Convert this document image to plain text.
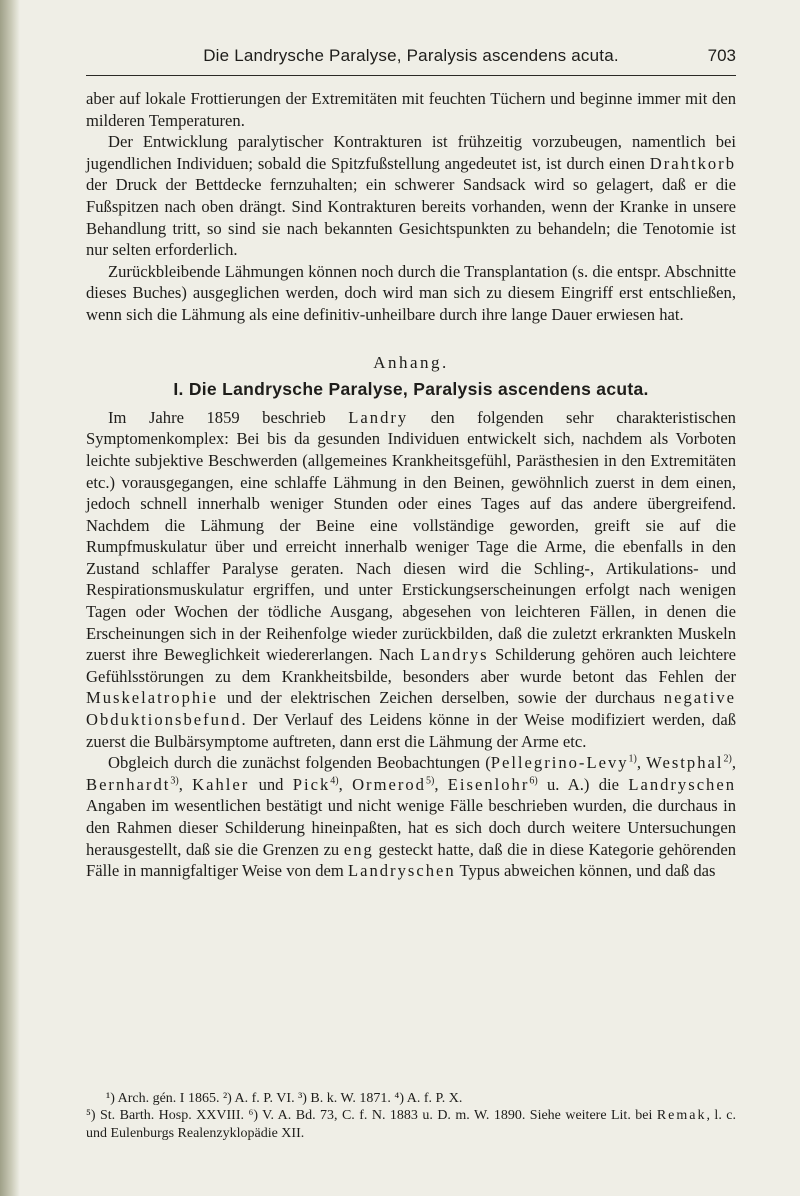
Die Landrysche Paralyse, Paralysis ascendens acuta.	703

aber auf lokale Frottierungen der Extremitäten mit feuchten Tüchern und beginne immer mit den milderen Temperaturen.

Der Entwicklung paralytischer Kontrakturen ist frühzeitig vorzubeugen, namentlich bei jugendlichen Individuen; sobald die Spitzfußstellung angedeutet ist, ist durch einen Drahtkorb der Druck der Bettdecke fernzuhalten; ein schwerer Sandsack wird so gelagert, daß er die Fußspitzen nach oben drängt. Sind Kontrakturen bereits vorhanden, wenn der Kranke in unsere Behandlung tritt, so sind sie nach bekannten Gesichtspunkten zu behandeln; die Tenotomie ist nur selten erforderlich.

Zurückbleibende Lähmungen können noch durch die Transplantation (s. die entspr. Abschnitte dieses Buches) ausgeglichen werden, doch wird man sich zu diesem Eingriff erst entschließen, wenn sich die Lähmung als eine definitiv-unheilbare durch ihre lange Dauer erwiesen hat.

Anhang.
I. Die Landrysche Paralyse, Paralysis ascendens acuta.

Im Jahre 1859 beschrieb Landry den folgenden sehr charakteristischen Symptomenkomplex: Bei bis da gesunden Individuen entwickelt sich, nachdem als Vorboten leichte subjektive Beschwerden (allgemeines Krankheitsgefühl, Parästhesien in den Extremitäten etc.) vorausgegangen, eine schlaffe Lähmung in den Beinen, gewöhnlich zuerst in dem einen, jedoch schnell innerhalb weniger Stunden oder eines Tages auf das andere übergreifend. Nachdem die Lähmung der Beine eine vollständige geworden, greift sie auf die Rumpfmuskulatur über und erreicht innerhalb weniger Tage die Arme, die ebenfalls in den Zustand schlaffer Paralyse geraten. Nach diesen wird die Schling-, Artikulations- und Respirationsmuskulatur ergriffen, und unter Erstickungserscheinungen erfolgt nach wenigen Tagen oder Wochen der tödliche Ausgang, abgesehen von leichteren Fällen, in denen die Erscheinungen sich in der Reihenfolge wieder zurückbilden, daß die zuletzt erkrankten Muskeln zuerst ihre Beweglichkeit wiedererlangen. Nach Landrys Schilderung gehören auch leichtere Gefühlsstörungen zu dem Krankheitsbilde, besonders aber wurde betont das Fehlen der Muskelatrophie und der elektrischen Zeichen derselben, sowie der durchaus negative Obduktionsbefund. Der Verlauf des Leidens könne in der Weise modifiziert werden, daß zuerst die Bulbärsymptome auftreten, dann erst die Lähmung der Arme etc.

Obgleich durch die zunächst folgenden Beobachtungen (Pellegrino-Levy$^{1)}$, Westphal$^{2)}$, Bernhardt$^{3)}$, Kahler und Pick$^{4)}$, Ormerod$^{5)}$, Eisenlohr$^{6)}$ u. A.) die Landryschen Angaben im wesentlichen bestätigt und nicht wenige Fälle beschrieben wurden, die durchaus in den Rahmen dieser Schilderung hineinpaßten, hat es sich doch durch weitere Untersuchungen herausgestellt, daß sie die Grenzen zu eng gesteckt hatte, daß die in diese Kategorie gehörenden Fälle in mannigfaltiger Weise von dem Landryschen Typus abweichen können, und daß das

¹) Arch. gén. I 1865. ²) A. f. P. VI. ³) B. k. W. 1871. ⁴) A. f. P. X.

⁵) St. Barth. Hosp. XXVIII. ⁶) V. A. Bd. 73, C. f. N. 1883 u. D. m. W. 1890. Siehe weitere Lit. bei Remak, l. c. und Eulenburgs Realenzyklopädie XII.
